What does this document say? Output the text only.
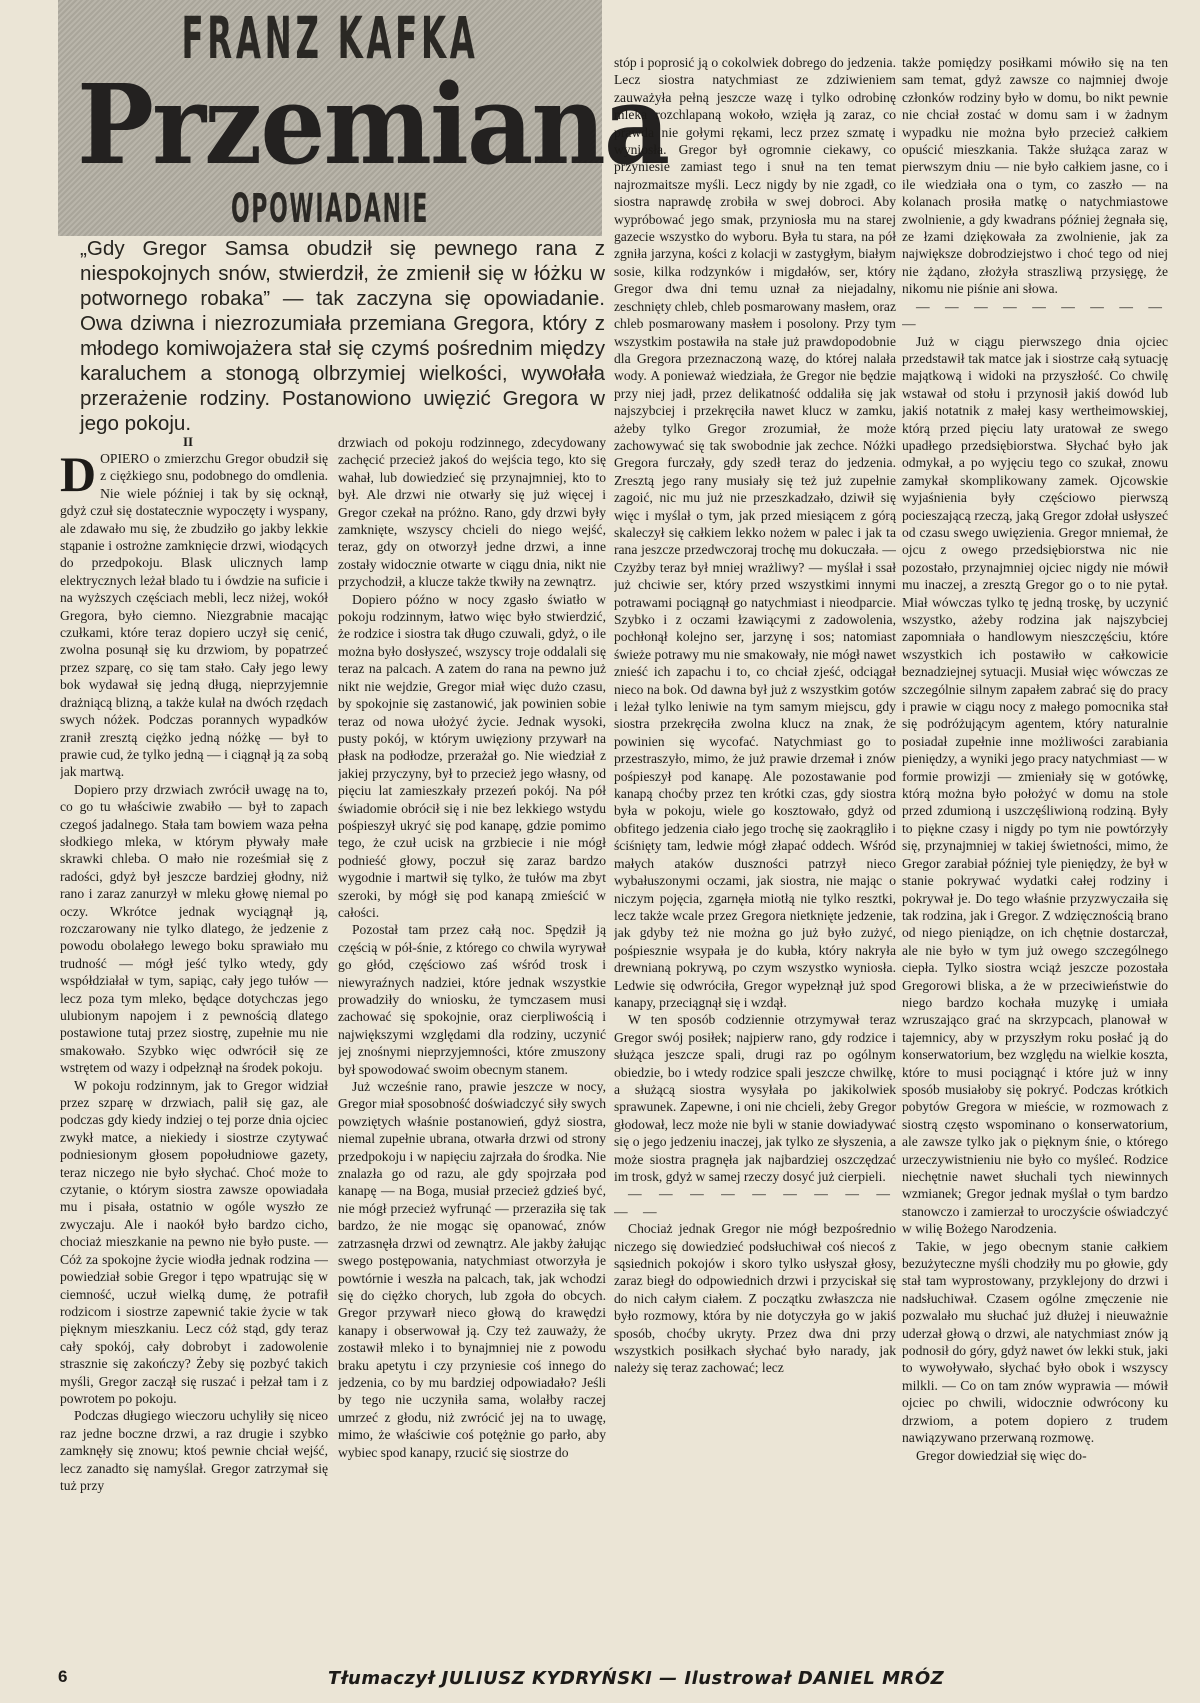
FRANZ KAFKA
Przemiana
OPOWIADANIE
„Gdy Gregor Samsa obudził się pewnego rana z niespokojnych snów, stwierdził, że zmienił się w łóżku w potwornego robaka” — tak zaczyna się opowiadanie. Owa dziwna i niezrozumiała przemiana Gregora, który z młodego komiwojażera stał się czymś pośrednim między karaluchem a stonogą olbrzymiej wielkości, wywołała przerażenie rodziny. Postanowiono uwięzić Gregora w jego pokoju.
II

DOPIERO o zmierzchu Gregor obudził się z ciężkiego snu, podobnego do omdlenia. Nie wiele później i tak by się ocknął, gdyż czuł się dostatecznie wypoczęty i wyspany, ale zdawało mu się, że zbudziło go jakby lekkie stąpanie i ostrożne zamknięcie drzwi, wiodących do przedpokoju. Blask ulicznych lamp elektrycznych leżał blado tu i ówdzie na suficie i na wyższych częściach mebli, lecz niżej, wokół Gregora, było ciemno. Niezgrabnie macając czułkami, które teraz dopiero uczył się cenić, zwolna posunął się ku drzwiom, by popatrzeć przez szparę, co się tam stało. Cały jego lewy bok wydawał się jedną długą, nieprzyjemnie drażniącą blizną, a także kulał na dwóch rzędach swych nóżek. Podczas porannych wypadków zranił zresztą ciężko jedną nóżkę — był to prawie cud, że tylko jedną — i ciągnął ją za sobą jak martwą.

Dopiero przy drzwiach zwrócił uwagę na to, co go tu właściwie zwabiło — był to zapach czegoś jadalnego. Stała tam bowiem waza pełna słodkiego mleka, w którym pływały małe skrawki chleba. O mało nie roześmiał się z radości, gdyż był jeszcze bardziej głodny, niż rano i zaraz zanurzył w mleku głowę niemal po oczy. Wkrótce jednak wyciągnął ją, rozczarowany nie tylko dlatego, że jedzenie z powodu obolałego lewego boku sprawiało mu trudność — mógł jeść tylko wtedy, gdy współdziałał w tym, sapiąc, cały jego tułów — lecz poza tym mleko, będące dotychczas jego ulubionym napojem i z pewnością dlatego postawione tutaj przez siostrę, zupełnie mu nie smakowało. Szybko więc odwrócił się ze wstrętem od wazy i odpełznął na środek pokoju.

W pokoju rodzinnym, jak to Gregor widział przez szparę w drzwiach, palił się gaz, ale podczas gdy kiedy indziej o tej porze dnia ojciec zwykł matce, a niekiedy i siostrze czytywać podniesionym głosem popołudniowe gazety, teraz niczego nie było słychać. Choć może to czytanie, o którym siostra zawsze opowiadała mu i pisała, ostatnio w ogóle wyszło ze zwyczaju. Ale i naokół było bardzo cicho, chociaż mieszkanie na pewno nie było puste. — Cóż za spokojne życie wiodła jednak rodzina — powiedział sobie Gregor i tępo wpatrując się w ciemność, uczuł wielką dumę, że potrafił rodzicom i siostrze zapewnić takie życie w tak pięknym mieszkaniu. Lecz cóż stąd, gdy teraz cały spokój, cały dobrobyt i zadowolenie strasznie się zakończy? Żeby się pozbyć takich myśli, Gregor zaczął się ruszać i pełzał tam i z powrotem po pokoju.

Podczas długiego wieczoru uchyliły się niceo raz jedne boczne drzwi, a raz drugie i szybko zamknęły się znowu; ktoś pewnie chciał wejść, lecz zanadto się namyślał. Gregor zatrzymał się tuż przy

drzwiach od pokoju rodzinnego, zdecydowany zachęcić przecież jakoś do wejścia tego, kto się wahał, lub dowiedzieć się przynajmniej, kto to był. Ale drzwi nie otwarły się już więcej i Gregor czekał na próżno. Rano, gdy drzwi były zamknięte, wszyscy chcieli do niego wejść, teraz, gdy on otworzył jedne drzwi, a inne zostały widocznie otwarte w ciągu dnia, nikt nie przychodził, a klucze także tkwiły na zewnątrz.

Dopiero późno w nocy zgasło światło w pokoju rodzinnym, łatwo więc było stwierdzić, że rodzice i siostra tak długo czuwali, gdyż, o ile można było dosłyszeć, wszyscy troje oddalali się teraz na palcach. A zatem do rana na pewno już nikt nie wejdzie, Gregor miał więc dużo czasu, by spokojnie się zastanowić, jak powinien sobie teraz od nowa ułożyć życie. Jednak wysoki, pusty pokój, w którym uwięziony przywarł na płask na podłodze, przerażał go. Nie wiedział z jakiej przyczyny, był to przecież jego własny, od pięciu lat zamieszkały przezeń pokój. Na pół świadomie obrócił się i nie bez lekkiego wstydu pośpieszył ukryć się pod kanapę, gdzie pomimo tego, że czuł ucisk na grzbiecie i nie mógł podnieść głowy, poczuł się zaraz bardzo wygodnie i martwił się tylko, że tułów ma zbyt szeroki, by mógł się pod kanapą zmieścić w całości.

Pozostał tam przez całą noc. Spędził ją częścią w pół-śnie, z którego co chwila wyrywał go głód, częściowo zaś wśród trosk i niewyraźnych nadziei, które jednak wszystkie prowadziły do wniosku, że tymczasem musi zachować się spokojnie, oraz cierpliwością i największymi względami dla rodziny, uczynić jej znośnymi nieprzyjemności, które zmuszony był spowodować swoim obecnym stanem.

Już wcześnie rano, prawie jeszcze w nocy, Gregor miał sposobność doświadczyć siły swych powziętych właśnie postanowień, gdyż siostra, niemal zupełnie ubrana, otwarła drzwi od strony przedpokoju i w napięciu zajrzała do środka. Nie znalazła go od razu, ale gdy spojrzała pod kanapę — na Boga, musiał przecież gdzieś być, nie mógł przecież wyfrunąć — przeraziła się tak bardzo, że nie mogąc się opanować, znów zatrzasnęła drzwi od zewnątrz. Ale jakby żałując swego postępowania, natychmiast otworzyła je powtórnie i weszła na palcach, tak, jak wchodzi się do ciężko chorych, lub zgoła do obcych. Gregor przywarł nieco głową do krawędzi kanapy i obserwował ją. Czy też zauważy, że zostawił mleko i to bynajmniej nie z powodu braku apetytu i czy przyniesie coś innego do jedzenia, co by mu bardziej odpowiadało? Jeśli by tego nie uczyniła sama, wolałby raczej umrzeć z głodu, niż zwrócić jej na to uwagę, mimo, że właściwie coś potężnie go parło, aby wybiec spod kanapy, rzucić się siostrze do

stóp i poprosić ją o cokolwiek dobrego do jedzenia. Lecz siostra natychmiast ze zdziwieniem zauważyła pełną jeszcze wazę i tylko odrobinę mleka rozchlapaną wokoło, wzięła ją zaraz, co prawda nie gołymi rękami, lecz przez szmatę i wyniosła. Gregor był ogromnie ciekawy, co przyniesie zamiast tego i snuł na ten temat najrozmaitsze myśli. Lecz nigdy by nie zgadł, co siostra naprawdę zrobiła w swej dobroci. Aby wypróbować jego smak, przyniosła mu na starej gazecie wszystko do wyboru. Była tu stara, na pół zgniła jarzyna, kości z kolacji w zastygłym, białym sosie, kilka rodzynków i migdałów, ser, który Gregor dwa dni temu uznał za niejadalny, zeschnięty chleb, chleb posmarowany masłem, oraz chleb posmarowany masłem i posolony. Przy tym wszystkim postawiła na stałe już prawdopodobnie dla Gregora przeznaczoną wazę, do której nalała wody. A ponieważ wiedziała, że Gregor nie będzie przy niej jadł, przez delikatność oddaliła się jak najszybciej i przekręciła nawet klucz w zamku, ażeby tylko Gregor zrozumiał, że może zachowywać się tak swobodnie jak zechce. Nóżki Gregora furczały, gdy szedł teraz do jedzenia. Zresztą jego rany musiały się też już zupełnie zagoić, nic mu już nie przeszkadzało, dziwił się więc i myślał o tym, jak przed miesiącem z górą skaleczył się całkiem lekko nożem w palec i jak ta rana jeszcze przedwczoraj trochę mu dokuczała. — Czyżby teraz był mniej wrażliwy? — myślał i ssał już chciwie ser, który przed wszystkimi innymi potrawami pociągnął go natychmiast i nieodparcie. Szybko i z oczami łzawiącymi z zadowolenia, pochłonął kolejno ser, jarzynę i sos; natomiast świeże potrawy mu nie smakowały, nie mógł nawet znieść ich zapachu i to, co chciał zjeść, odciągał nieco na bok. Od dawna był już z wszystkim gotów i leżał tylko leniwie na tym samym miejscu, gdy siostra przekręciła zwolna klucz na znak, że powinien się wycofać. Natychmiast go to przestraszyło, mimo, że już prawie drzemał i znów pośpieszył pod kanapę. Ale pozostawanie pod kanapą choćby przez ten krótki czas, gdy siostra była w pokoju, wiele go kosztowało, gdyż od obfitego jedzenia ciało jego trochę się zaokrągliło i ściśnięty tam, ledwie mógł złapać oddech. Wśród małych ataków duszności patrzył nieco wybałuszonymi oczami, jak siostra, nie mając o niczym pojęcia, zgarnęła miotłą nie tylko resztki, lecz także wcale przez Gregora nietknięte jedzenie, jak gdyby też nie można go już było zużyć, pośpiesznie wsypała je do kubła, który nakryła drewnianą pokrywą, po czym wszystko wyniosła. Ledwie się odwróciła, Gregor wypełznął już spod kanapy, przeciągnął się i wzdął.

W ten sposób codziennie otrzymywał teraz Gregor swój posiłek; najpierw rano, gdy rodzice i służąca jeszcze spali, drugi raz po ogólnym obiedzie, bo i wtedy rodzice spali jeszcze chwilkę, a służącą siostra wysyłała po jakikolwiek sprawunek. Zapewne, i oni nie chcieli, żeby Gregor głodował, lecz może nie byli w stanie dowiadywać się o jego jedzeniu inaczej, jak tylko ze słyszenia, a może siostra pragnęła jak najbardziej oszczędzać im trosk, gdyż w samej rzeczy dosyć już cierpieli.

— — — — — — — — — — —

Chociaż jednak Gregor nie mógł bezpośrednio niczego się dowiedzieć podsłuchiwał coś niecoś z sąsiednich pokojów i skoro tylko usłyszał głosy, zaraz biegł do odpowiednich drzwi i przyciskał się do nich całym ciałem. Z początku zwłaszcza nie było rozmowy, która by nie dotyczyła go w jakiś sposób, choćby ukryty. Przez dwa dni przy wszystkich posiłkach słychać było narady, jak należy się teraz zachować; lecz

także pomiędzy posiłkami mówiło się na ten sam temat, gdyż zawsze co najmniej dwoje członków rodziny było w domu, bo nikt pewnie nie chciał zostać w domu sam i w żadnym wypadku nie można było przecież całkiem opuścić mieszkania. Także służąca zaraz w pierwszym dniu — nie było całkiem jasne, co i ile wiedziała ona o tym, co zaszło — na kolanach prosiła matkę o natychmiastowe zwolnienie, a gdy kwadrans później żegnała się, ze łzami dziękowała za zwolnienie, jak za największe dobrodziejstwo i choć tego od niej nie żądano, złożyła straszliwą przysięgę, że nikomu nie piśnie ani słowa.

— — — — — — — — — —

Już w ciągu pierwszego dnia ojciec przedstawił tak matce jak i siostrze całą sytuację majątkową i widoki na przyszłość. Co chwilę wstawał od stołu i przynosił jakiś dowód lub jakiś notatnik z małej kasy wertheimowskiej, którą przed pięciu laty uratował ze swego upadłego przedsiębiorstwa. Słychać było jak odmykał, a po wyjęciu tego co szukał, znowu zamykał skomplikowany zamek. Ojcowskie wyjaśnienia były częściowo pierwszą pocieszającą rzeczą, jaką Gregor zdołał usłyszeć od czasu swego uwięzienia. Gregor mniemał, że ojcu z owego przedsiębiorstwa nic nie pozostało, przynajmniej ojciec nigdy nie mówił mu inaczej, a zresztą Gregor go o to nie pytał. Miał wówczas tylko tę jedną troskę, by uczynić wszystko, ażeby rodzina jak najszybciej zapomniała o handlowym nieszczęściu, które wszystkich ich postawiło w całkowicie beznadziejnej sytuacji. Musiał więc wówczas ze szczególnie silnym zapałem zabrać się do pracy i prawie w ciągu nocy z małego pomocnika stał się podróżującym agentem, który naturalnie posiadał zupełnie inne możliwości zarabiania pieniędzy, a wyniki jego pracy natychmiast — w formie prowizji — zmieniały się w gotówkę, którą można było położyć w domu na stole przed zdumioną i uszczęśliwioną rodziną. Były to piękne czasy i nigdy po tym nie powtórzyły się, przynajmniej w takiej świetności, mimo, że Gregor zarabiał później tyle pieniędzy, że był w stanie pokrywać wydatki całej rodziny i pokrywał je. Do tego właśnie przyzwyczaiła się tak rodzina, jak i Gregor. Z wdzięcznością brano od niego pieniądze, on ich chętnie dostarczał, ale nie było w tym już owego szczególnego ciepła. Tylko siostra wciąż jeszcze pozostała Gregorowi bliska, a że w przeciwieństwie do niego bardzo kochała muzykę i umiała wzruszająco grać na skrzypcach, planował w tajemnicy, aby w przyszłym roku posłać ją do konserwatorium, bez względu na wielkie koszta, które to musi pociągnąć i które już w inny sposób musiałoby się pokryć. Podczas krótkich pobytów Gregora w mieście, w rozmowach z siostrą często wspominano o konserwatorium, ale zawsze tylko jak o pięknym śnie, o którego urzeczywistnieniu nie było co myśleć. Rodzice niechętnie nawet słuchali tych niewinnych wzmianek; Gregor jednak myślał o tym bardzo stanowczo i zamierzał to uroczyście oświadczyć w wilię Bożego Narodzenia.

Takie, w jego obecnym stanie całkiem bezużyteczne myśli chodziły mu po głowie, gdy stał tam wyprostowany, przyklejony do drzwi i nadsłuchiwał. Czasem ogólne zmęczenie nie pozwalało mu słuchać już dłużej i nieuważnie uderzał głową o drzwi, ale natychmiast znów ją podnosił do góry, gdyż nawet ów lekki stuk, jaki to wywoływało, słychać było obok i wszyscy milkli. — Co on tam znów wyprawia — mówił ojciec po chwili, widocznie odwrócony ku drzwiom, a potem dopiero z trudem nawiązywano przerwaną rozmowę.

Gregor dowiedział się więc do-

6	Tłumaczył JULIUSZ KYDRYŃSKI — Ilustrował DANIEL MRÓZ
